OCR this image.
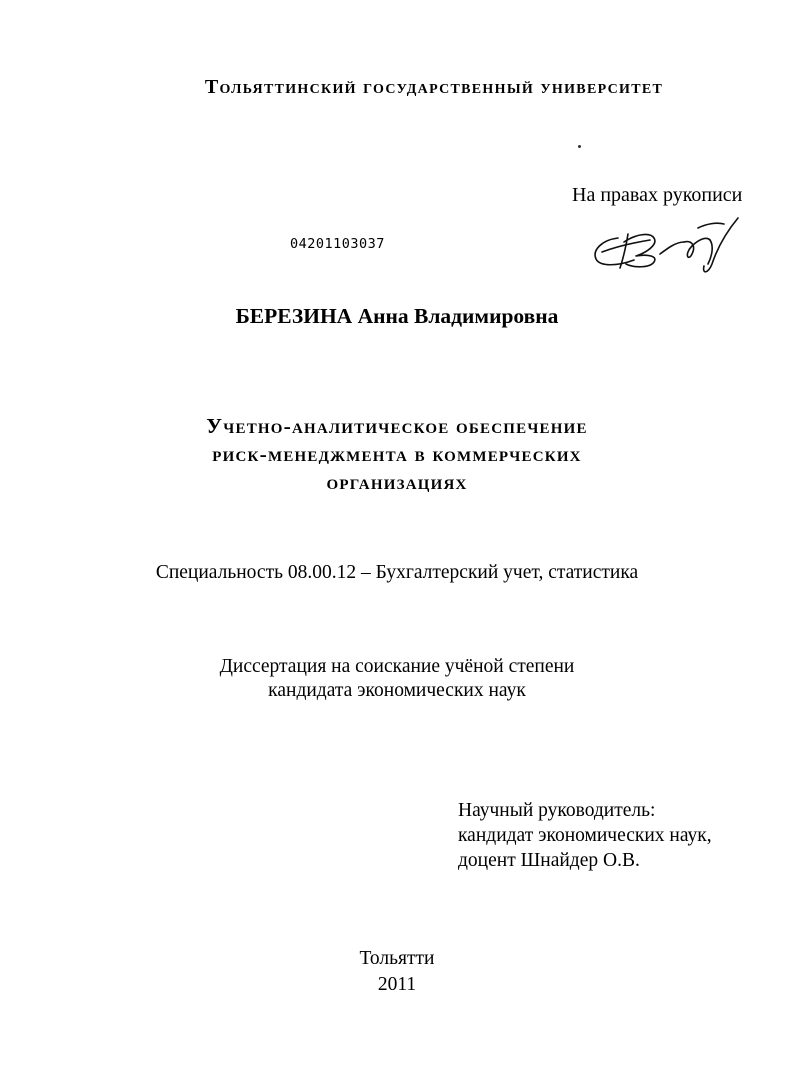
Тольяттинский государственный университет
На правах рукописи
04201103037
БЕРЕЗИНА Анна Владимировна
Учетно-аналитическое обеспечение
риск-менеджмента в коммерческих
организациях
Специальность 08.00.12 – Бухгалтерский учет, статистика
Диссертация на соискание учёной степени
кандидата экономических наук
Научный руководитель:
кандидат экономических наук,
доцент Шнайдер О.В.
Тольятти
2011
